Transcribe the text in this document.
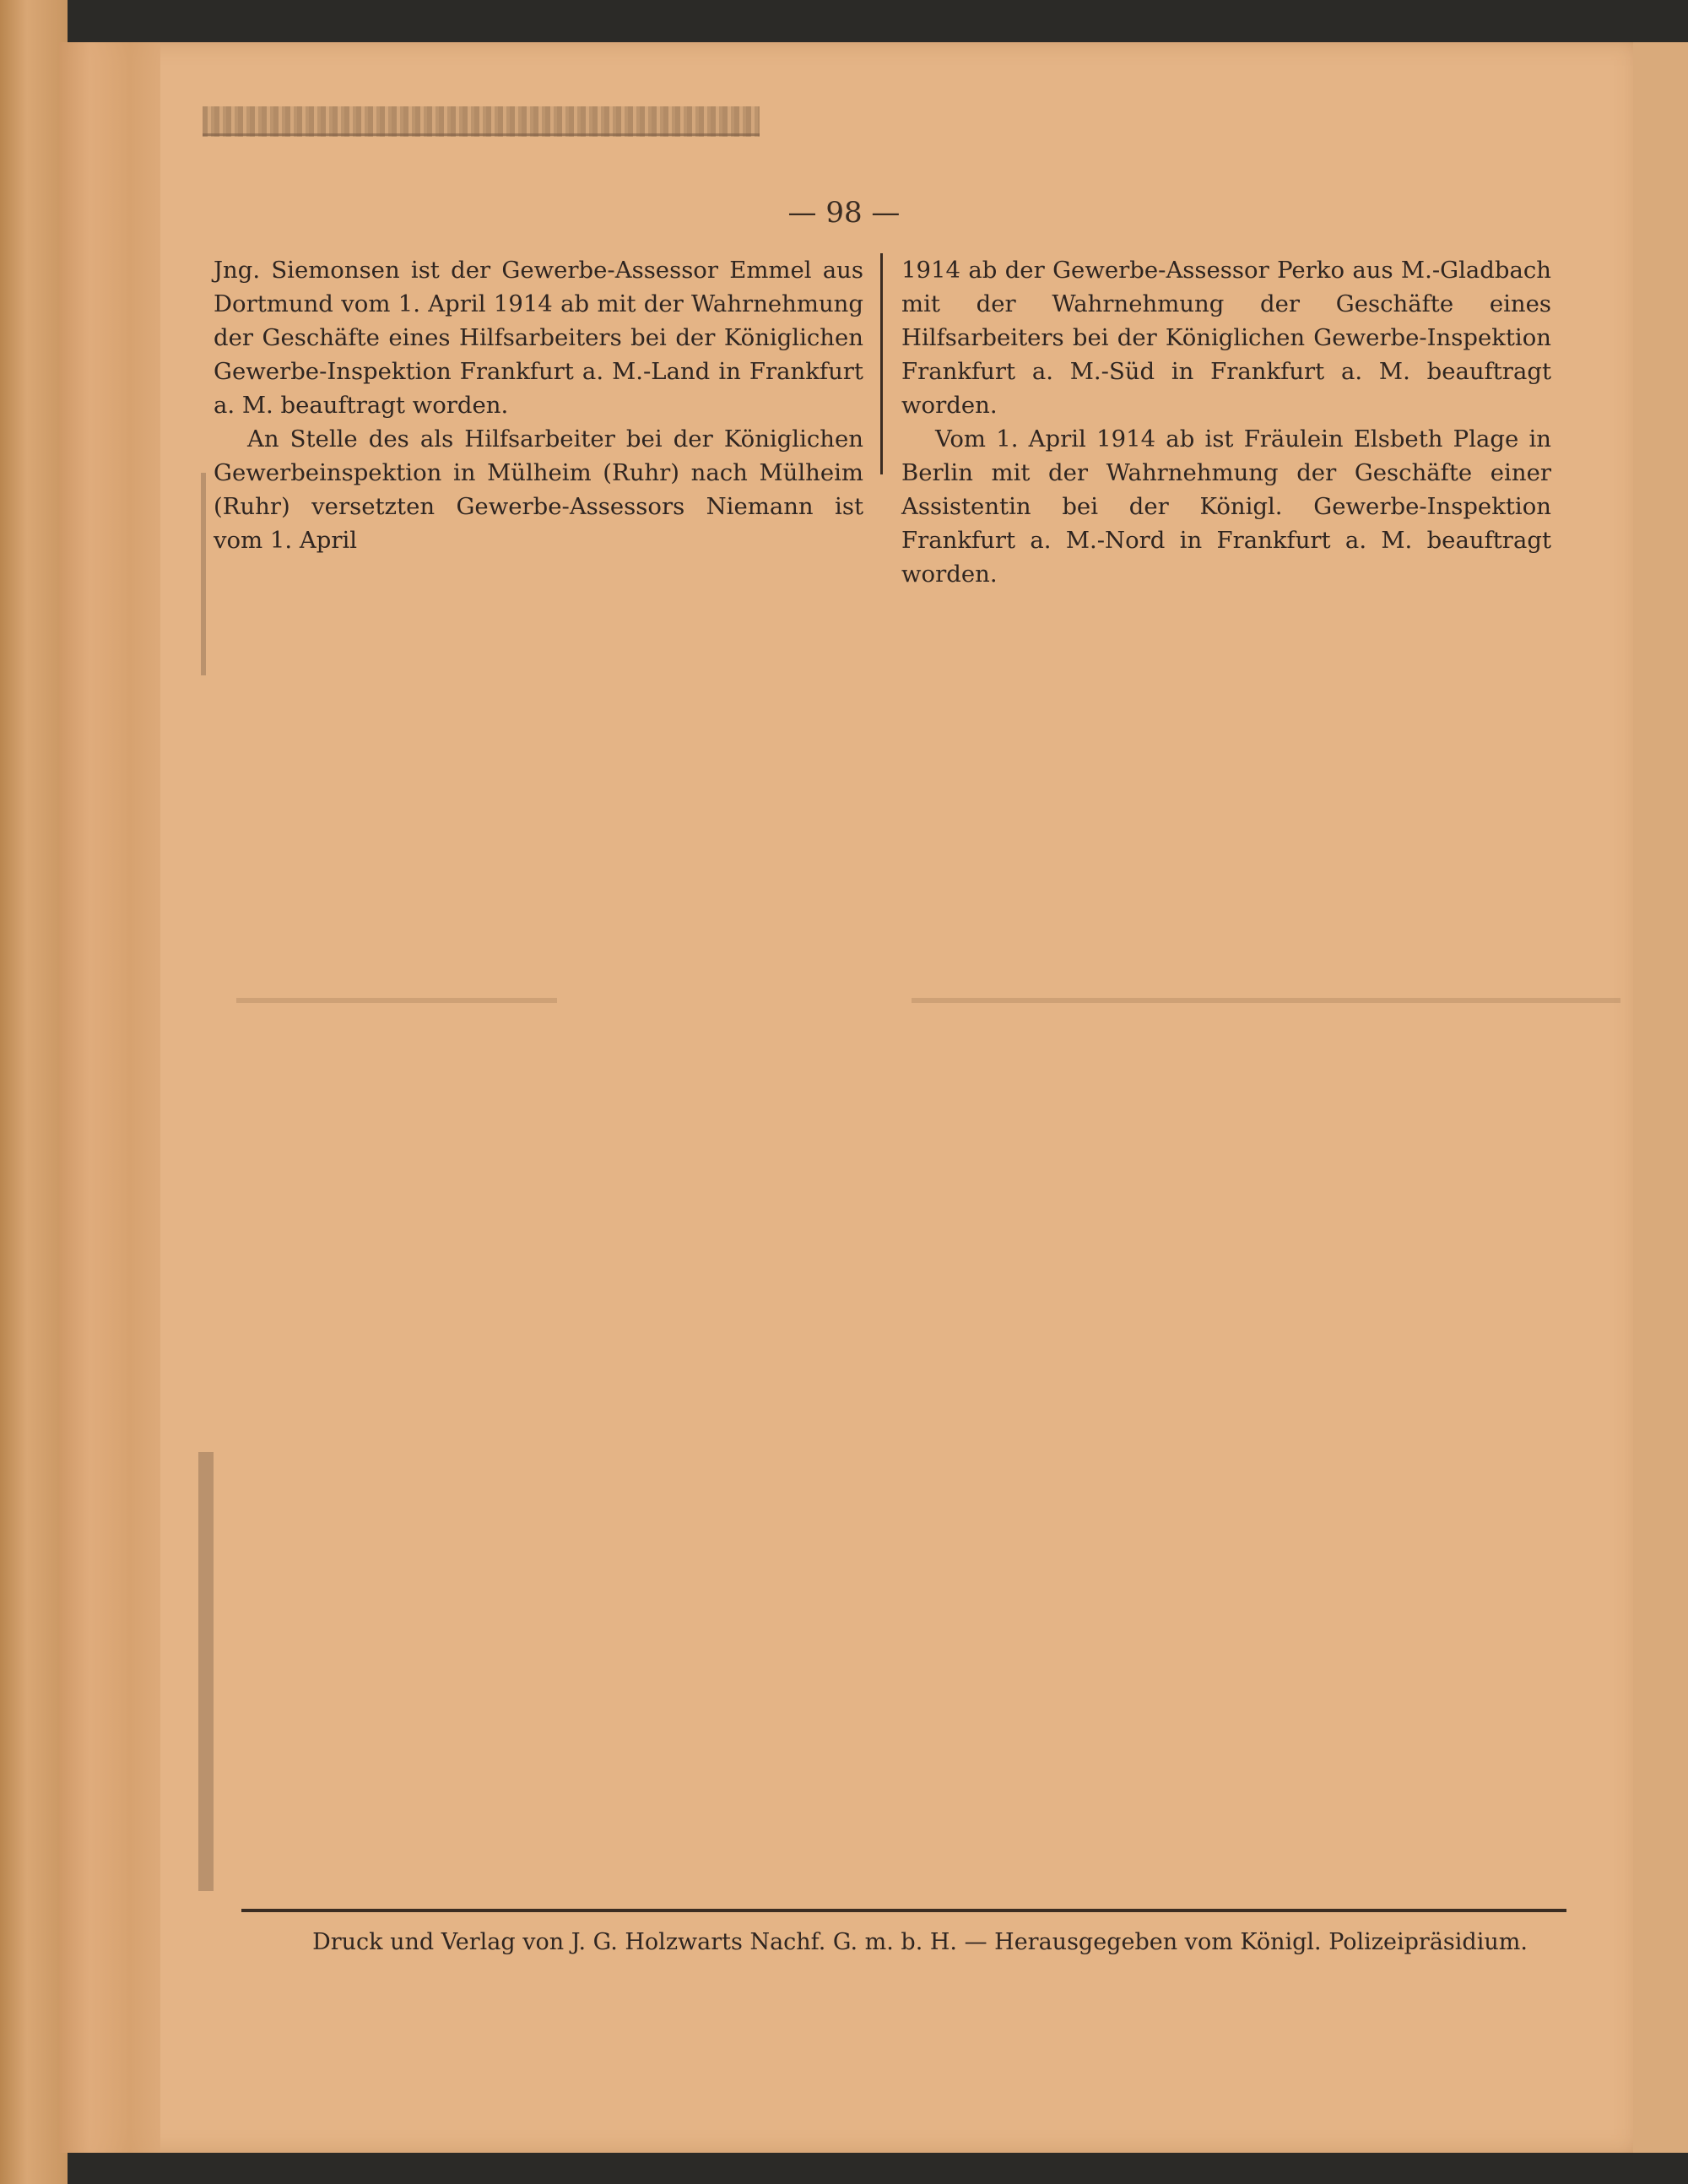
— 98 —

Jng. Siemonsen ist der Gewerbe-Assessor Emmel aus Dortmund vom 1. April 1914 ab mit der Wahrnehmung der Geschäfte eines Hilfsarbeiters bei der Königlichen Gewerbe-Inspektion Frankfurt a. M.-Land in Frankfurt a. M. beauftragt worden.

An Stelle des als Hilfsarbeiter bei der Königlichen Gewerbeinspektion in Mülheim (Ruhr) nach Mülheim (Ruhr) versetzten Gewerbe-Assessors Niemann ist vom 1. April

1914 ab der Gewerbe-Assessor Perko aus M.-Gladbach mit der Wahrnehmung der Geschäfte eines Hilfsarbeiters bei der Königlichen Gewerbe-Inspektion Frankfurt a. M.-Süd in Frankfurt a. M. beauftragt worden.

Vom 1. April 1914 ab ist Fräulein Elsbeth Plage in Berlin mit der Wahrnehmung der Geschäfte einer Assistentin bei der Königl. Gewerbe-Inspektion Frankfurt a. M.-Nord in Frankfurt a. M. beauftragt worden.

Druck und Verlag von J. G. Holzwarts Nachf. G. m. b. H. — Herausgegeben vom Königl. Polizeipräsidium.
